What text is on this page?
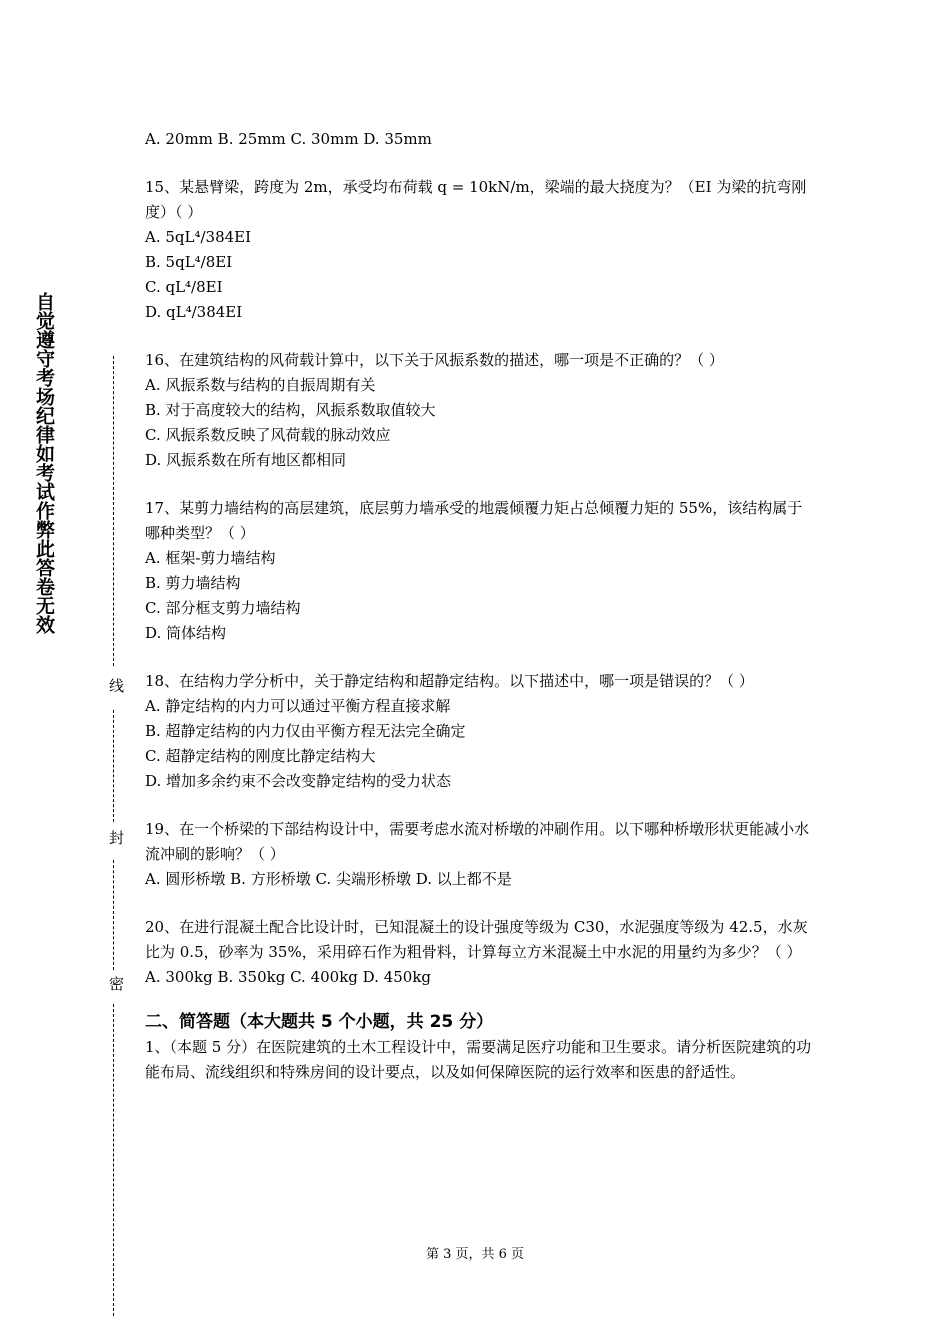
自觉遵守考场纪律如考试作弊此答卷无效
线
封
密
A. 20mm B. 25mm C. 30mm D. 35mm
15、某悬臂梁，跨度为 2m，承受均布荷载 q = 10kN/m，梁端的最大挠度为？（EI 为梁的抗弯刚度）（ ）
A. 5qL⁴/384EI
B. 5qL⁴/8EI
C. qL⁴/8EI
D. qL⁴/384EI
16、在建筑结构的风荷载计算中，以下关于风振系数的描述，哪一项是不正确的？（ ）
A. 风振系数与结构的自振周期有关
B. 对于高度较大的结构，风振系数取值较大
C. 风振系数反映了风荷载的脉动效应
D. 风振系数在所有地区都相同
17、某剪力墙结构的高层建筑，底层剪力墙承受的地震倾覆力矩占总倾覆力矩的 55%，该结构属于哪种类型？（ ）
A. 框架-剪力墙结构
B. 剪力墙结构
C. 部分框支剪力墙结构
D. 筒体结构
18、在结构力学分析中，关于静定结构和超静定结构。以下描述中，哪一项是错误的？（ ）
A. 静定结构的内力可以通过平衡方程直接求解
B. 超静定结构的内力仅由平衡方程无法完全确定
C. 超静定结构的刚度比静定结构大
D. 增加多余约束不会改变静定结构的受力状态
19、在一个桥梁的下部结构设计中，需要考虑水流对桥墩的冲刷作用。以下哪种桥墩形状更能减小水流冲刷的影响？（ ）
A. 圆形桥墩 B. 方形桥墩 C. 尖端形桥墩 D. 以上都不是
20、在进行混凝土配合比设计时，已知混凝土的设计强度等级为 C30，水泥强度等级为 42.5，水灰比为 0.5，砂率为 35%，采用碎石作为粗骨料，计算每立方米混凝土中水泥的用量约为多少？（ ）
A. 300kg B. 350kg C. 400kg D. 450kg
二、简答题（本大题共 5 个小题，共 25 分）
1、（本题 5 分）在医院建筑的土木工程设计中，需要满足医疗功能和卫生要求。请分析医院建筑的功能布局、流线组织和特殊房间的设计要点，以及如何保障医院的运行效率和医患的舒适性。
第 3 页，共 6 页
